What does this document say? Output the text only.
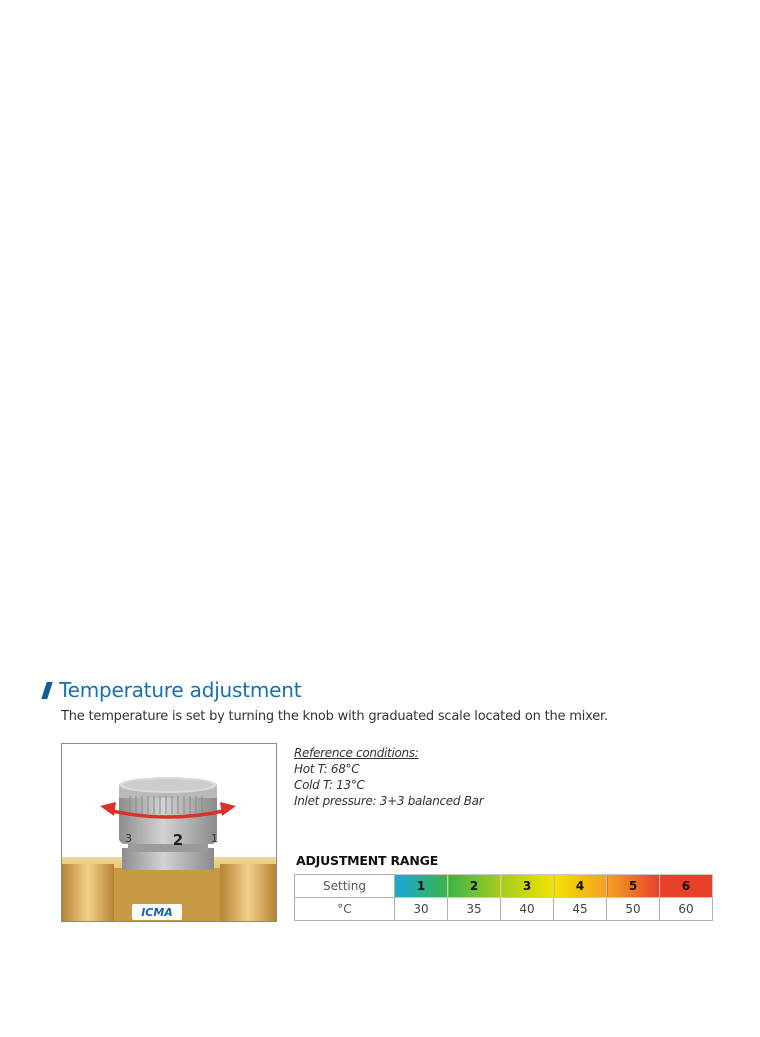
Temperature adjustment
The temperature is set by turning the knob with graduated scale located on the mixer.
ICMA
3	2	1
Reference conditions:
Hot T: 68°C
Cold T: 13°C
Inlet pressure: 3+3 balanced Bar
ADJUSTMENT RANGE
Setting	1	2	3	4	5	6
°C	30	35	40	45	50	60
